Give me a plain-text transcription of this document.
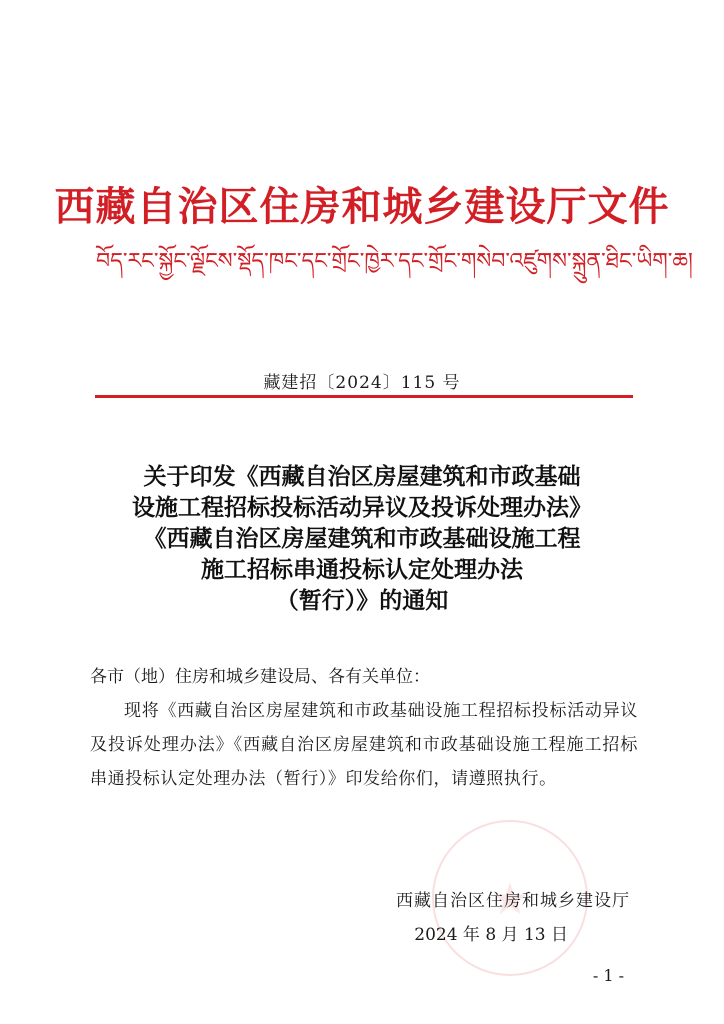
西藏自治区住房和城乡建设厅文件
བོད་རང་སྐྱོང་ལྗོངས་སྡོད་ཁང་དང་གྲོང་ཁྱེར་དང་གྲོང་གསེབ་འཛུགས་སྐྲུན་ཐིང་ཡིག་ཆ།
藏建招〔2024〕115 号
关于印发《西藏自治区房屋建筑和市政基础
设施工程招标投标活动异议及投诉处理办法》
《西藏自治区房屋建筑和市政基础设施工程
施工招标串通投标认定处理办法
（暂行）》的通知
各市（地）住房和城乡建设局、各有关单位：
现将《西藏自治区房屋建筑和市政基础设施工程招标投标活动异议及投诉处理办法》《西藏自治区房屋建筑和市政基础设施工程施工招标串通投标认定处理办法（暂行）》印发给你们，请遵照执行。
★
西藏自治区住房和城乡建设厅
2024 年 8 月 13 日
- 1 -
